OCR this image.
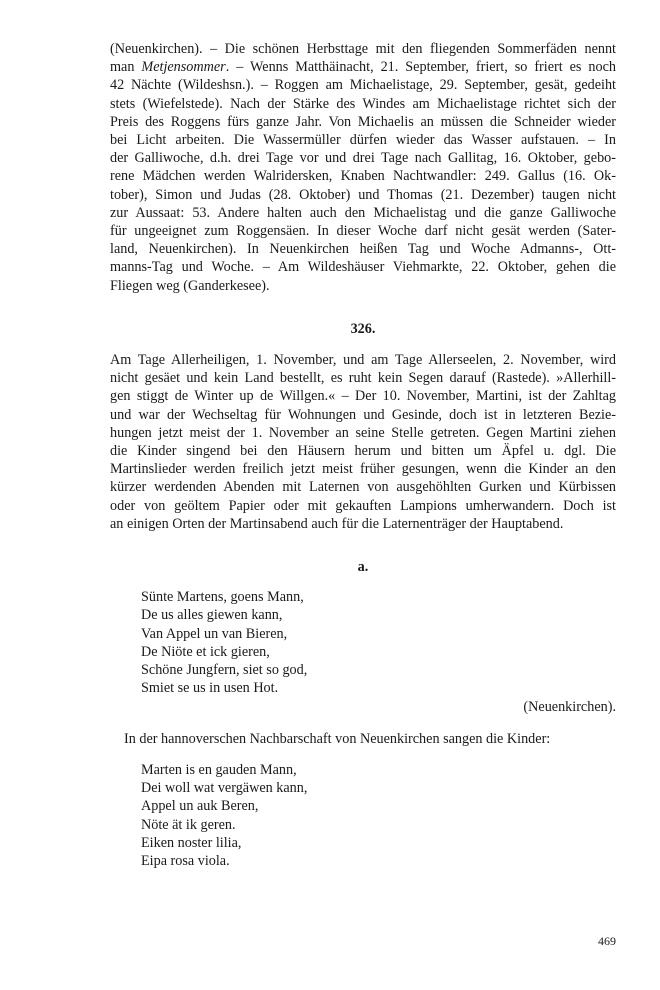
(Neuenkirchen). – Die schönen Herbsttage mit den fliegenden Sommerfäden nennt
man Metjensommer. – Wenns Matthäinacht, 21. September, friert, so friert es noch
42 Nächte (Wildeshsn.). – Roggen am Michaelistage, 29. September, gesät, gedeiht
stets (Wiefelstede). Nach der Stärke des Windes am Michaelistage richtet sich der
Preis des Roggens fürs ganze Jahr. Von Michaelis an müssen die Schneider wieder
bei Licht arbeiten. Die Wassermüller dürfen wieder das Wasser aufstauen. – In
der Galliwoche, d.h. drei Tage vor und drei Tage nach Gallitag, 16. Oktober, gebo-
rene Mädchen werden Walridersken, Knaben Nachtwandler: 249. Gallus (16. Ok-
tober), Simon und Judas (28. Oktober) und Thomas (21. Dezember) taugen nicht
zur Aussaat: 53. Andere halten auch den Michaelistag und die ganze Galliwoche
für ungeeignet zum Roggensäen. In dieser Woche darf nicht gesät werden (Sater-
land, Neuenkirchen). In Neuenkirchen heißen Tag und Woche Admanns-, Ott-
manns-Tag und Woche. – Am Wildeshäuser Viehmarkte, 22. Oktober, gehen die
Fliegen weg (Ganderkesee).

326.

Am Tage Allerheiligen, 1. November, und am Tage Allerseelen, 2. November, wird
nicht gesäet und kein Land bestellt, es ruht kein Segen darauf (Rastede). »Allerhill-
gen stiggt de Winter up de Willgen.« – Der 10. November, Martini, ist der Zahltag
und war der Wechseltag für Wohnungen und Gesinde, doch ist in letzteren Bezie-
hungen jetzt meist der 1. November an seine Stelle getreten. Gegen Martini ziehen
die Kinder singend bei den Häusern herum und bitten um Äpfel u. dgl. Die
Martinslieder werden freilich jetzt meist früher gesungen, wenn die Kinder an den
kürzer werdenden Abenden mit Laternen von ausgehöhlten Gurken und Kürbissen
oder von geöltem Papier oder mit gekauften Lampions umherwandern. Doch ist
an einigen Orten der Martinsabend auch für die Laternenträger der Hauptabend.

a.

Sünte Martens, goens Mann,
De us alles giewen kann,
Van Appel un van Bieren,
De Niöte et ick gieren,
Schöne Jungfern, siet so god,
Smiet se us in usen Hot.

(Neuenkirchen).

In der hannoverschen Nachbarschaft von Neuenkirchen sangen die Kinder:

Marten is en gauden Mann,
Dei woll wat vergäwen kann,
Appel un auk Beren,
Nöte ät ik geren.
Eiken noster lilia,
Eipa rosa viola.
469
